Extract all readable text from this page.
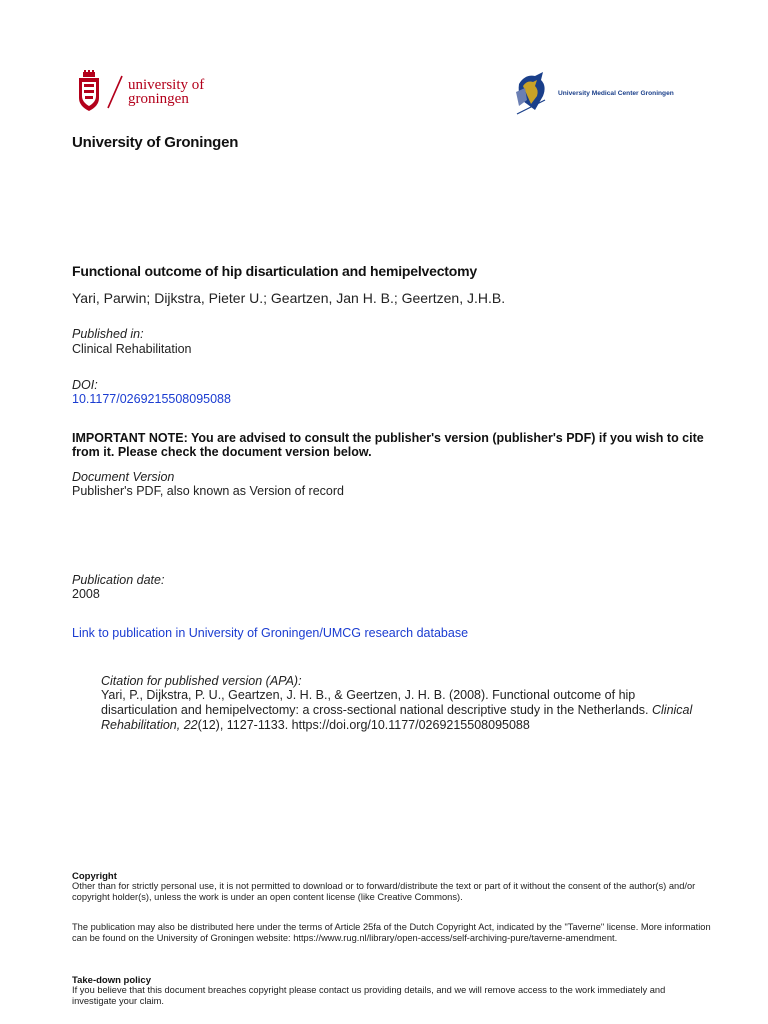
university of
groningen	University Medical Center Groningen
University of Groningen
Functional outcome of hip disarticulation and hemipelvectomy
Yari, Parwin; Dijkstra, Pieter U.; Geartzen, Jan H. B.; Geertzen, J.H.B.
Published in:
Clinical Rehabilitation
DOI:
10.1177/0269215508095088
IMPORTANT NOTE: You are advised to consult the publisher's version (publisher's PDF) if you wish to cite from it. Please check the document version below.
Document Version
Publisher's PDF, also known as Version of record
Publication date:
2008
Link to publication in University of Groningen/UMCG research database
Citation for published version (APA):
Yari, P., Dijkstra, P. U., Geartzen, J. H. B., & Geertzen, J. H. B. (2008). Functional outcome of hip disarticulation and hemipelvectomy: a cross-sectional national descriptive study in the Netherlands. Clinical Rehabilitation, 22(12), 1127-1133. https://doi.org/10.1177/0269215508095088
Copyright
Other than for strictly personal use, it is not permitted to download or to forward/distribute the text or part of it without the consent of the author(s) and/or copyright holder(s), unless the work is under an open content license (like Creative Commons).
The publication may also be distributed here under the terms of Article 25fa of the Dutch Copyright Act, indicated by the "Taverne" license. More information can be found on the University of Groningen website: https://www.rug.nl/library/open-access/self-archiving-pure/taverne-amendment.
Take-down policy
If you believe that this document breaches copyright please contact us providing details, and we will remove access to the work immediately and investigate your claim.
